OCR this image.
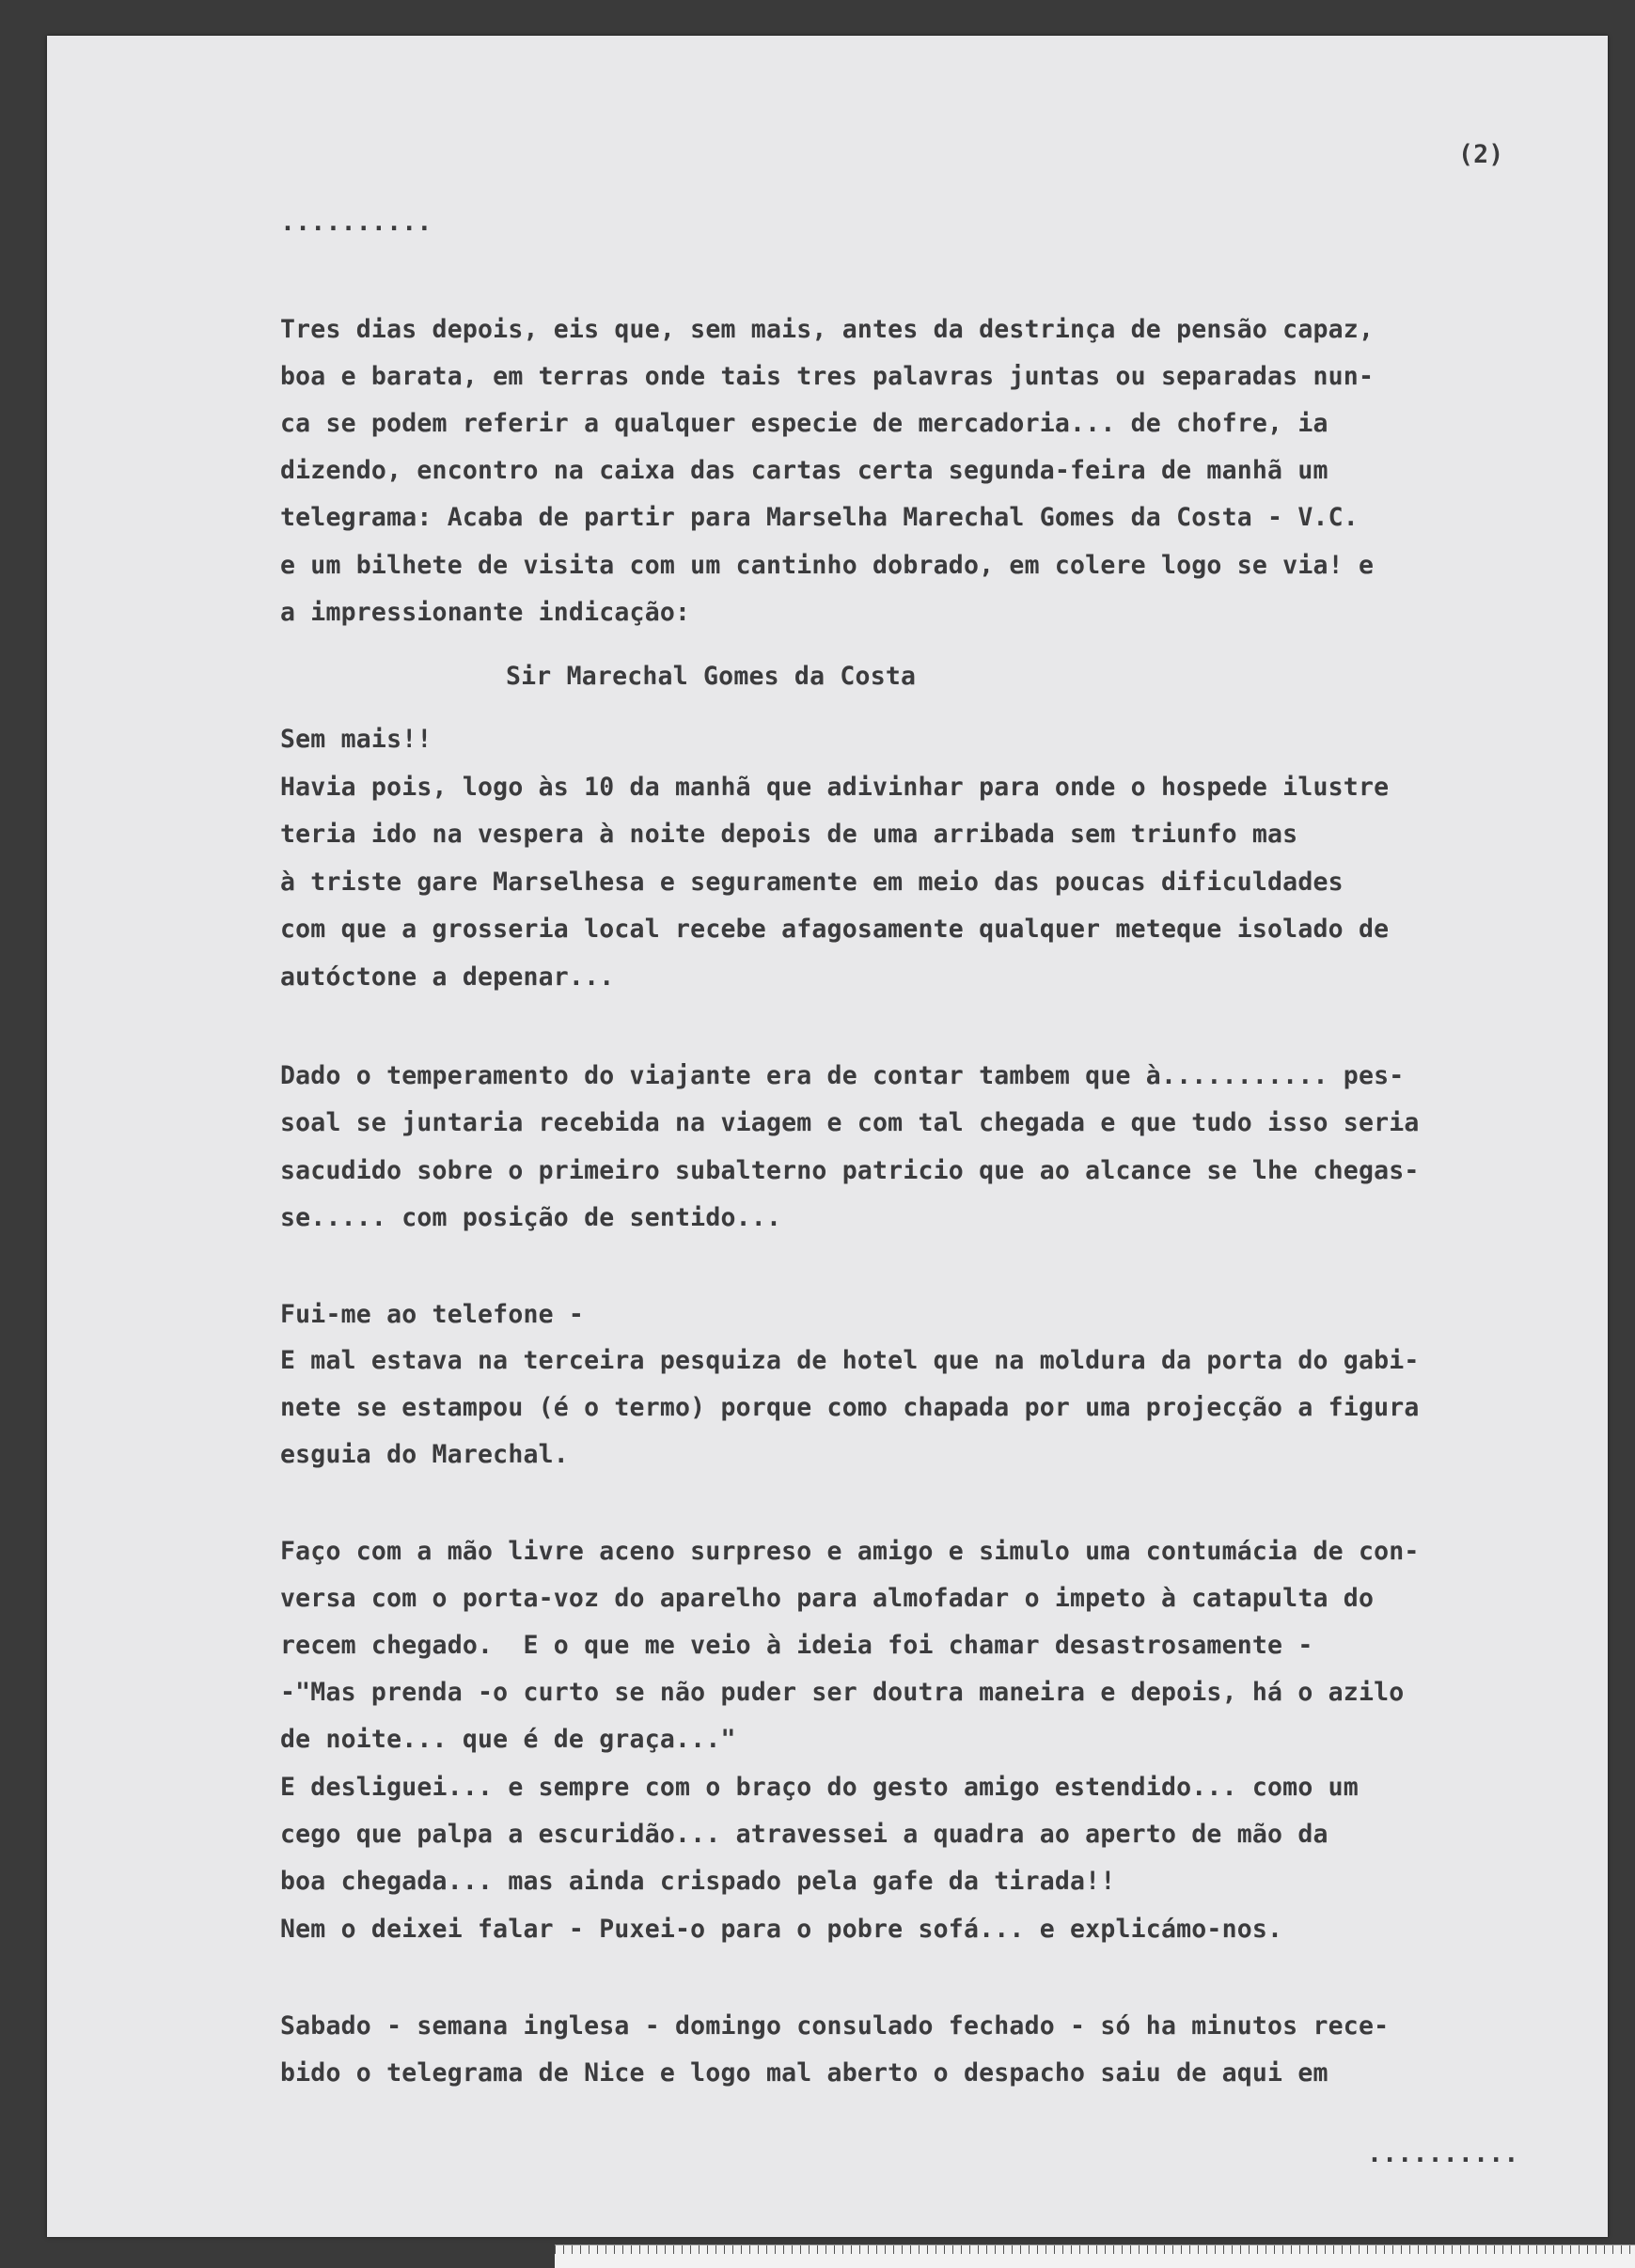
(2)
..........
Tres dias depois, eis que, sem mais, antes da destrinça de pensão capaz,
boa e barata, em terras onde tais tres palavras juntas ou separadas nun-
ca se podem referir a qualquer especie de mercadoria... de chofre, ia
dizendo, encontro na caixa das cartas certa segunda-feira de manhã um
telegrama: Acaba de partir para Marselha Marechal Gomes da Costa - V.C.
e um bilhete de visita com um cantinho dobrado, em colere logo se via! e
a impressionante indicação:
Sir Marechal Gomes da Costa
Sem mais!!
Havia pois, logo às 10 da manhã que adivinhar para onde o hospede ilustre
teria ido na vespera à noite depois de uma arribada sem triunfo mas
à triste gare Marselhesa e seguramente em meio das poucas dificuldades
com que a grosseria local recebe afagosamente qualquer meteque isolado de
autóctone a depenar...
Dado o temperamento do viajante era de contar tambem que à........... pes-
soal se juntaria recebida na viagem e com tal chegada e que tudo isso seria
sacudido sobre o primeiro subalterno patricio que ao alcance se lhe chegas-
se..... com posição de sentido...
Fui-me ao telefone -
E mal estava na terceira pesquiza de hotel que na moldura da porta do gabi-
nete se estampou (é o termo) porque como chapada por uma projecção a figura
esguia do Marechal.
Faço com a mão livre aceno surpreso e amigo e simulo uma contumácia de con-
versa com o porta-voz do aparelho para almofadar o impeto à catapulta do
recem chegado.  E o que me veio à ideia foi chamar desastrosamente -
-"Mas prenda -o curto se não puder ser doutra maneira e depois, há o azilo
de noite... que é de graça..."
E desliguei... e sempre com o braço do gesto amigo estendido... como um
cego que palpa a escuridão... atravessei a quadra ao aperto de mão da
boa chegada... mas ainda crispado pela gafe da tirada!!
Nem o deixei falar - Puxei-o para o pobre sofá... e explicámo-nos.
Sabado - semana inglesa - domingo consulado fechado - só ha minutos rece-
bido o telegrama de Nice e logo mal aberto o despacho saiu de aqui em
..........
